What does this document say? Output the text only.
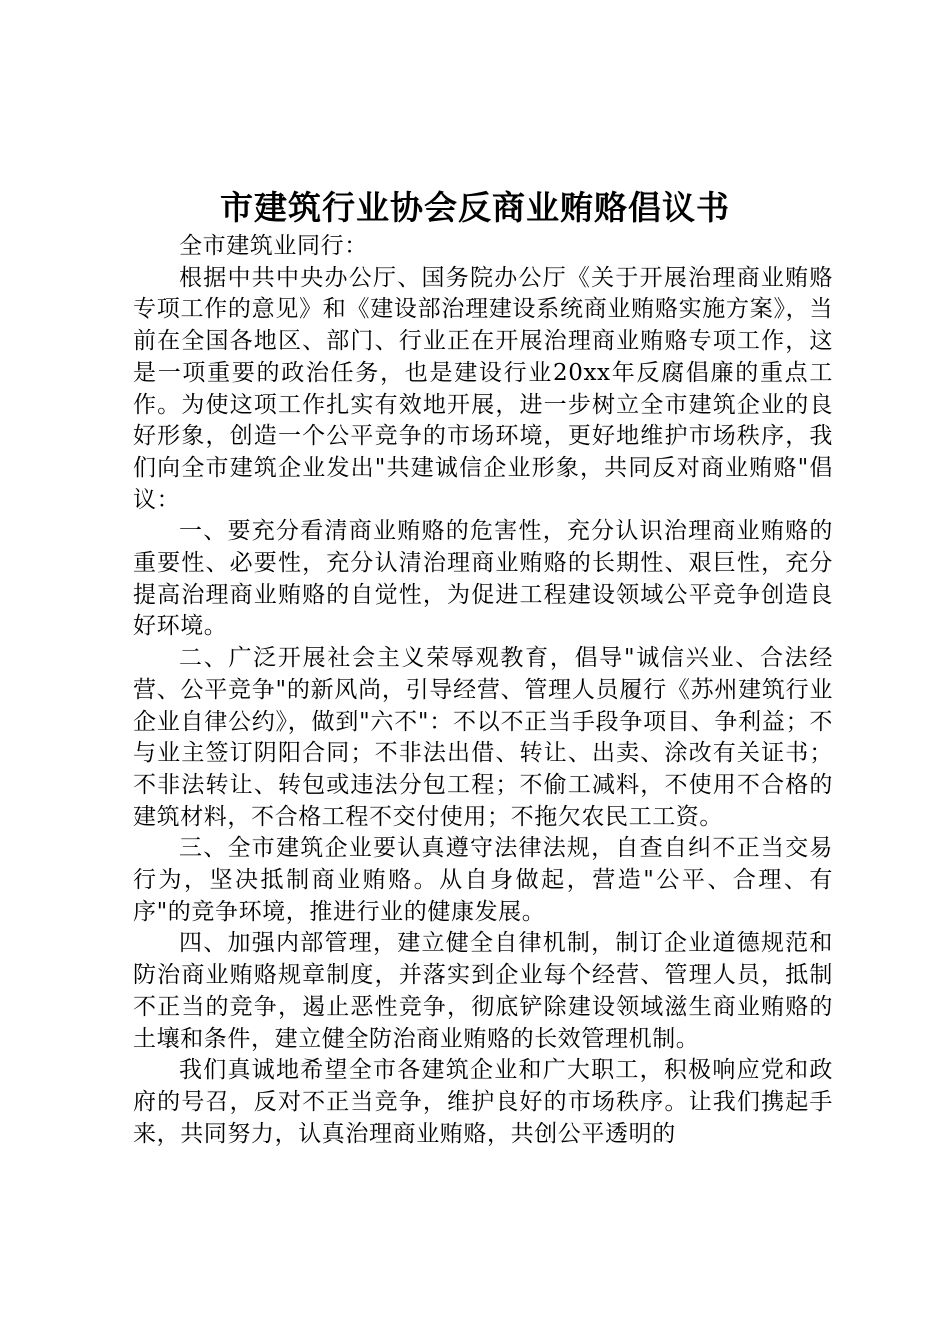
市建筑行业协会反商业贿赂倡议书

全市建筑业同行：

根据中共中央办公厅、国务院办公厅《关于开展治理商业贿赂专项工作的意见》和《建设部治理建设系统商业贿赂实施方案》，当前在全国各地区、部门、行业正在开展治理商业贿赂专项工作，这是一项重要的政治任务，也是建设行业20xx年反腐倡廉的重点工作。为使这项工作扎实有效地开展，进一步树立全市建筑企业的良好形象，创造一个公平竞争的市场环境，更好地维护市场秩序，我们向全市建筑企业发出"共建诚信企业形象，共同反对商业贿赂"倡议：

一、要充分看清商业贿赂的危害性，充分认识治理商业贿赂的重要性、必要性，充分认清治理商业贿赂的长期性、艰巨性，充分提高治理商业贿赂的自觉性，为促进工程建设领域公平竞争创造良好环境。

二、广泛开展社会主义荣辱观教育，倡导"诚信兴业、合法经营、公平竞争"的新风尚，引导经营、管理人员履行《苏州建筑行业企业自律公约》，做到"六不"：不以不正当手段争项目、争利益；不与业主签订阴阳合同；不非法出借、转让、出卖、涂改有关证书；不非法转让、转包或违法分包工程；不偷工减料，不使用不合格的建筑材料，不合格工程不交付使用；不拖欠农民工工资。

三、全市建筑企业要认真遵守法律法规，自查自纠不正当交易行为，坚决抵制商业贿赂。从自身做起，营造"公平、合理、有序"的竞争环境，推进行业的健康发展。

四、加强内部管理，建立健全自律机制，制订企业道德规范和防治商业贿赂规章制度，并落实到企业每个经营、管理人员，抵制不正当的竞争，遏止恶性竞争，彻底铲除建设领域滋生商业贿赂的土壤和条件，建立健全防治商业贿赂的长效管理机制。

我们真诚地希望全市各建筑企业和广大职工，积极响应党和政府的号召，反对不正当竞争，维护良好的市场秩序。让我们携起手来，共同努力，认真治理商业贿赂，共创公平透明的
